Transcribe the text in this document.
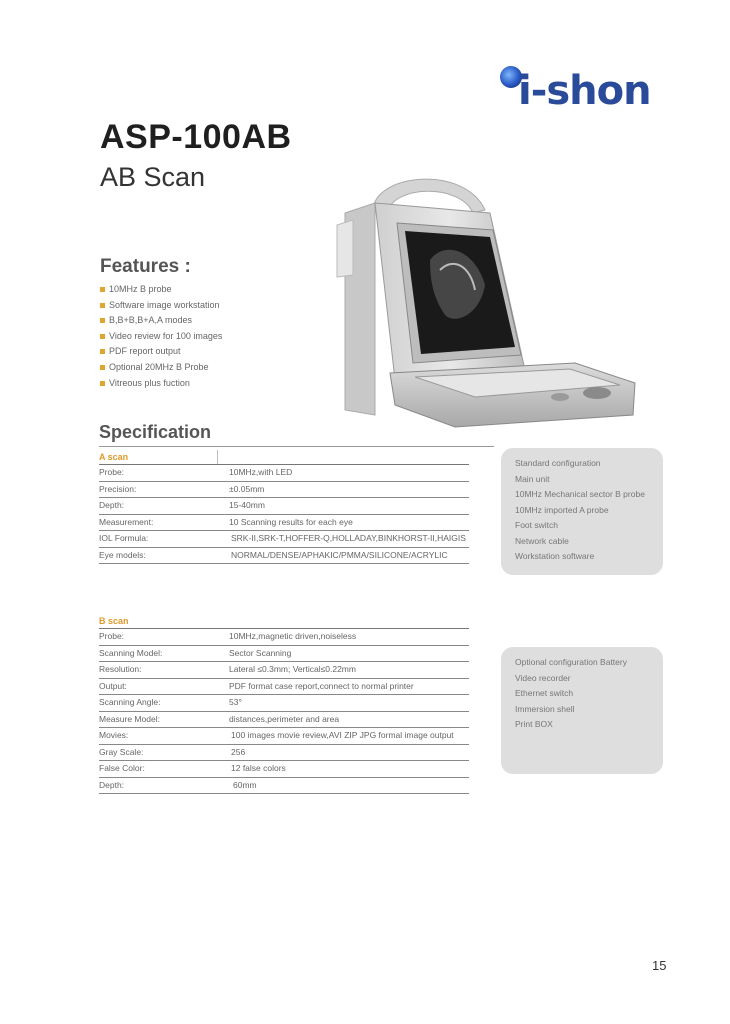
i-shon
ASP-100AB
AB Scan
Features :
10MHz B probe
Software image workstation
B,B+B,B+A,A modes
Video review for 100 images
PDF report output
Optional 20MHz B Probe
Vitreous plus fuction
Specification
A scan
Probe:	10MHz,with LED
Precision:	±0.05mm
Depth:	15-40mm
Measurement:	10 Scanning results for each eye
IOL Formula:	SRK-II,SRK-T,HOFFER-Q,HOLLADAY,BINKHORST-II,HAIGIS
Eye models:	NORMAL/DENSE/APHAKIC/PMMA/SILICONE/ACRYLIC
B scan
Probe:	10MHz,magnetic driven,noiseless
Scanning Model:	Sector Scanning
Resolution:	Lateral ≤0.3mm; Vertical≤0.22mm
Output:	PDF format case report,connect to normal printer
Scanning Angle:	53°
Measure Model:	distances,perimeter and area
Movies:	100 images movie review,AVI ZIP JPG formal image output
Gray Scale:	256
False Color:	12 false colors
Depth:	60mm
Standard configuration
Main unit
10MHz Mechanical sector B probe
10MHz imported A probe
Foot switch
Network cable
Workstation software
Optional configuration Battery
Video recorder
Ethernet switch
Immersion shell
Print BOX
15
